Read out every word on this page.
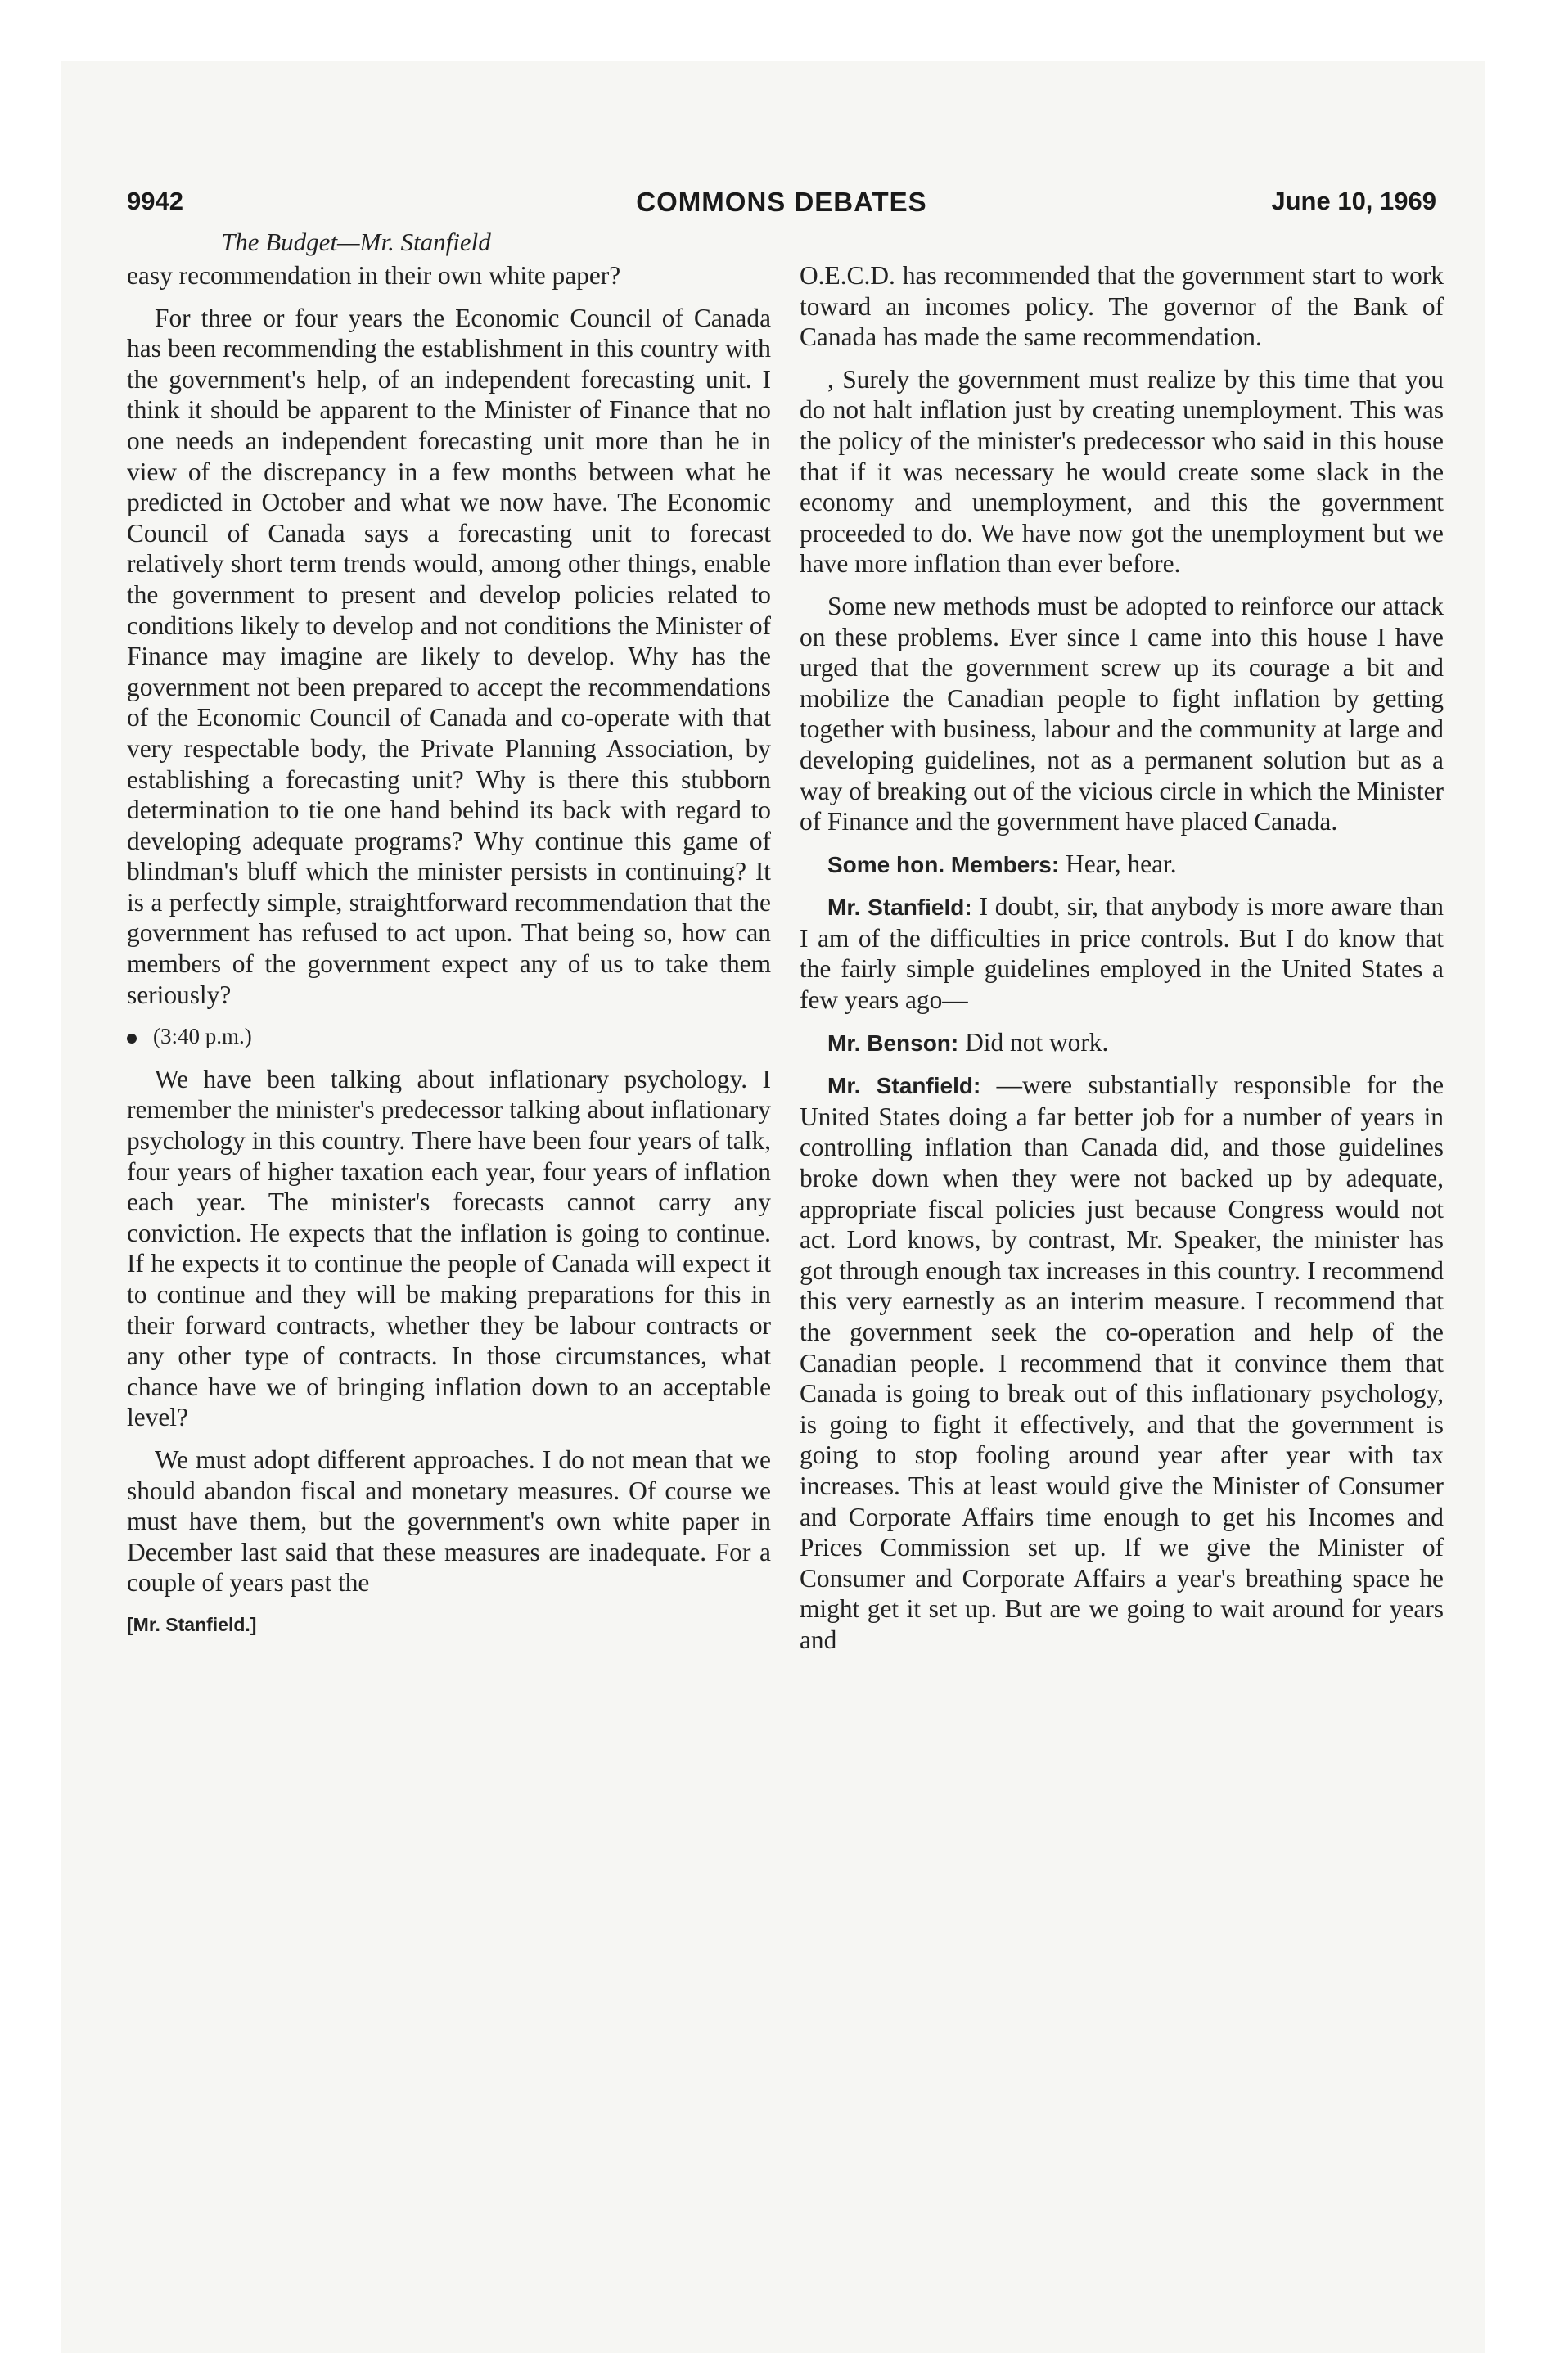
9942	COMMONS DEBATES	June 10, 1969
The Budget—Mr. Stanfield

easy recommendation in their own white paper?

For three or four years the Economic Council of Canada has been recommending the establishment in this country with the government's help, of an independent forecasting unit. I think it should be apparent to the Minister of Finance that no one needs an independent forecasting unit more than he in view of the discrepancy in a few months between what he predicted in October and what we now have. The Economic Council of Canada says a forecasting unit to forecast relatively short term trends would, among other things, enable the government to present and develop policies related to conditions likely to develop and not conditions the Minister of Finance may imagine are likely to develop. Why has the government not been prepared to accept the recommendations of the Economic Council of Canada and co-operate with that very respectable body, the Private Planning Association, by establishing a forecasting unit? Why is there this stubborn determination to tie one hand behind its back with regard to developing adequate programs? Why continue this game of blindman's bluff which the minister persists in continuing? It is a perfectly simple, straightforward recommendation that the government has refused to act upon. That being so, how can members of the government expect any of us to take them seriously?

(3:40 p.m.)

We have been talking about inflationary psychology. I remember the minister's predecessor talking about inflationary psychology in this country. There have been four years of talk, four years of higher taxation each year, four years of inflation each year. The minister's forecasts cannot carry any conviction. He expects that the inflation is going to continue. If he expects it to continue the people of Canada will expect it to continue and they will be making preparations for this in their forward contracts, whether they be labour contracts or any other type of contracts. In those circumstances, what chance have we of bringing inflation down to an acceptable level?

We must adopt different approaches. I do not mean that we should abandon fiscal and monetary measures. Of course we must have them, but the government's own white paper in December last said that these measures are inadequate. For a couple of years past the

[Mr. Stanfield.]

O.E.C.D. has recommended that the government start to work toward an incomes policy. The governor of the Bank of Canada has made the same recommendation.

, Surely the government must realize by this time that you do not halt inflation just by creating unemployment. This was the policy of the minister's predecessor who said in this house that if it was necessary he would create some slack in the economy and unemployment, and this the government proceeded to do. We have now got the unemployment but we have more inflation than ever before.

Some new methods must be adopted to reinforce our attack on these problems. Ever since I came into this house I have urged that the government screw up its courage a bit and mobilize the Canadian people to fight inflation by getting together with business, labour and the community at large and developing guidelines, not as a permanent solution but as a way of breaking out of the vicious circle in which the Minister of Finance and the government have placed Canada.

Some hon. Members: Hear, hear.

Mr. Stanfield: I doubt, sir, that anybody is more aware than I am of the difficulties in price controls. But I do know that the fairly simple guidelines employed in the United States a few years ago—

Mr. Benson: Did not work.

Mr. Stanfield: —were substantially responsible for the United States doing a far better job for a number of years in controlling inflation than Canada did, and those guidelines broke down when they were not backed up by adequate, appropriate fiscal policies just because Congress would not act. Lord knows, by contrast, Mr. Speaker, the minister has got through enough tax increases in this country. I recommend this very earnestly as an interim measure. I recommend that the government seek the co-operation and help of the Canadian people. I recommend that it convince them that Canada is going to break out of this inflationary psychology, is going to fight it effectively, and that the government is going to stop fooling around year after year with tax increases. This at least would give the Minister of Consumer and Corporate Affairs time enough to get his Incomes and Prices Commission set up. If we give the Minister of Consumer and Corporate Affairs a year's breathing space he might get it set up. But are we going to wait around for years and
